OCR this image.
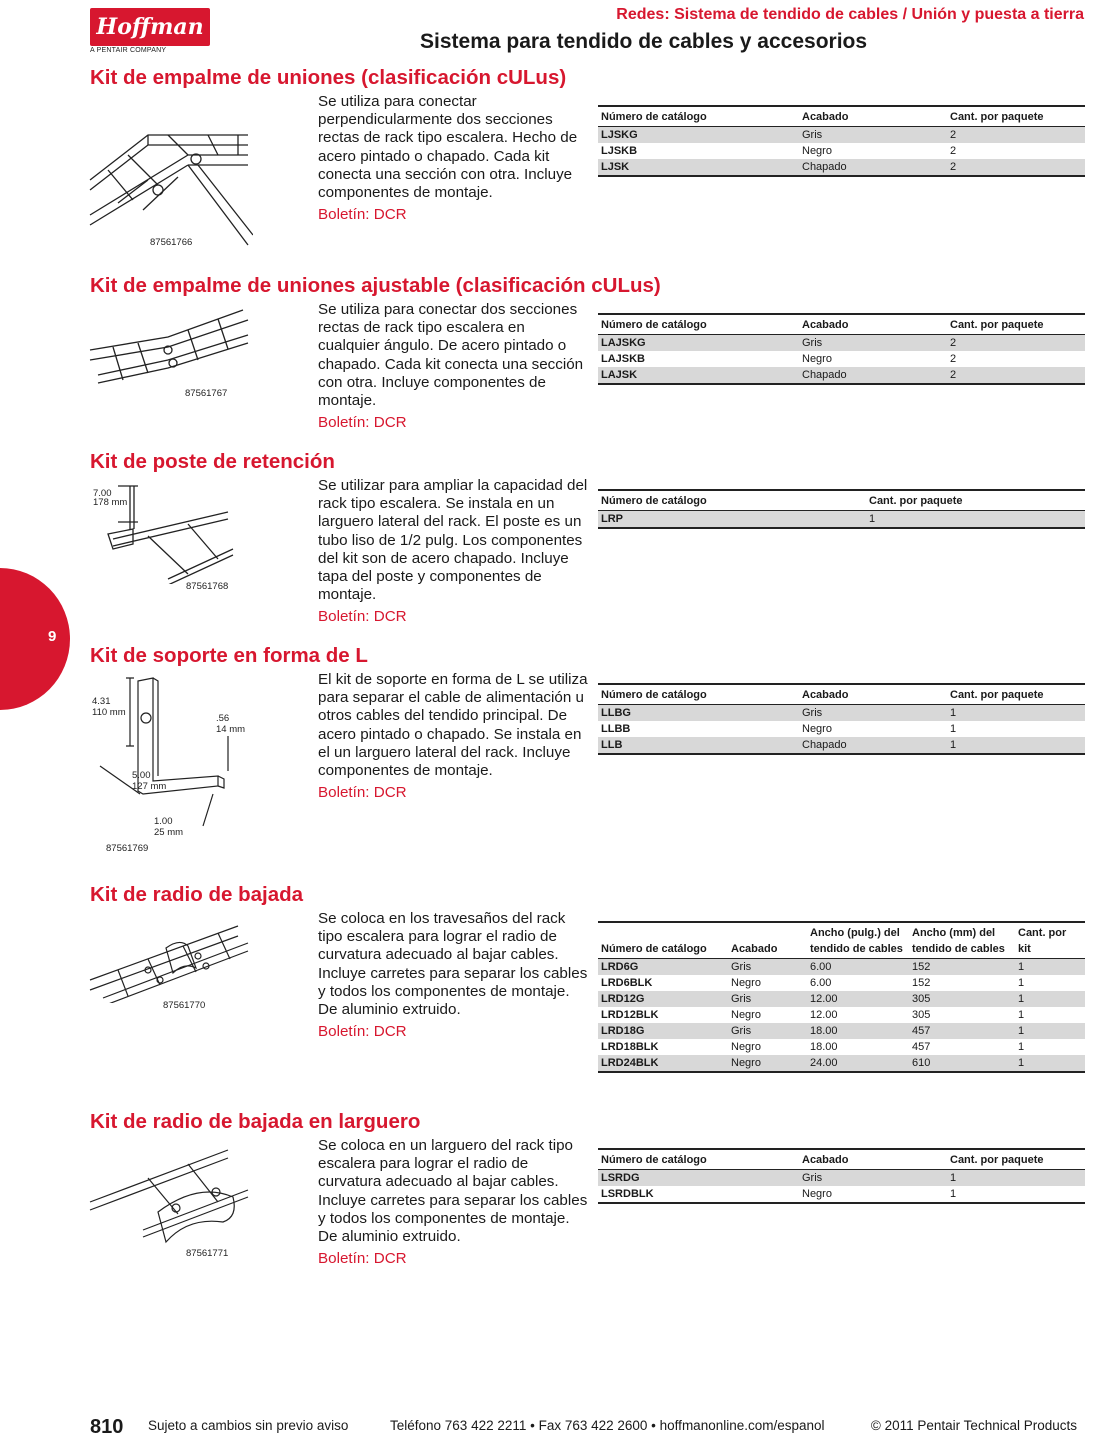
Hoffman
A PENTAIR COMPANY
Redes: Sistema de tendido de cables / Unión y puesta a tierra
Sistema para tendido de cables y accesorios
9
Kit de empalme de uniones (clasificación cULus)
87561766
Se utiliza para conectar perpendicularmente dos secciones rectas de rack tipo escalera. Hecho de acero pintado o chapado. Cada kit conecta una sección con otra. Incluye componentes de montaje.
Boletín: DCR
Número de catálogo	Acabado	Cant. por paquete
LJSKG	Gris	2
LJSKB	Negro	2
LJSK	Chapado	2
Kit de empalme de uniones ajustable (clasificación cULus)
87561767
Se utiliza para conectar dos secciones rectas de rack tipo escalera en cualquier ángulo. De acero pintado o chapado. Cada kit conecta una sección con otra. Incluye componentes de montaje.
Boletín: DCR
Número de catálogo	Acabado	Cant. por paquete
LAJSKG	Gris	2
LAJSKB	Negro	2
LAJSK	Chapado	2
Kit de poste de retención
7.00
178 mm
87561768
Se utilizar para ampliar la capacidad del rack tipo escalera. Se instala en un larguero lateral del rack. El poste es un tubo liso de 1/2 pulg. Los componentes del kit son de acero chapado. Incluye tapa del poste y componentes de montaje.
Boletín: DCR
Número de catálogo	Cant. por paquete
LRP	1
Kit de soporte en forma de L
4.31
110 mm
.56
14 mm
5.00
127 mm
1.00
25 mm
87561769
El kit de soporte en forma de L se utiliza para separar el cable de alimentación u otros cables del tendido principal. De acero pintado o chapado. Se instala en el un larguero lateral del rack. Incluye componentes de montaje.
Boletín: DCR
Número de catálogo	Acabado	Cant. por paquete
LLBG	Gris	1
LLBB	Negro	1
LLB	Chapado	1
Kit de radio de bajada
87561770
Se coloca en los travesaños del rack tipo escalera para lograr el radio de curvatura adecuado al bajar cables. Incluye carretes para separar los cables y todos los componentes de montaje. De aluminio extruido.
Boletín: DCR
Número de catálogo	Acabado	Ancho (pulg.) del tendido de cables	Ancho (mm) del tendido de cables	Cant. por kit
LRD6G	Gris	6.00	152	1
LRD6BLK	Negro	6.00	152	1
LRD12G	Gris	12.00	305	1
LRD12BLK	Negro	12.00	305	1
LRD18G	Gris	18.00	457	1
LRD18BLK	Negro	18.00	457	1
LRD24BLK	Negro	24.00	610	1
Kit de radio de bajada en larguero
87561771
Se coloca en un larguero del rack tipo escalera para lograr el radio de curvatura adecuado al bajar cables. Incluye carretes para separar los cables y todos los componentes de montaje. De aluminio extruido.
Boletín: DCR
Número de catálogo	Acabado	Cant. por paquete
LSRDG	Gris	1
LSRDBLK	Negro	1
810 Sujeto a cambios sin previo aviso	Teléfono 763 422 2211 • Fax 763 422 2600 • hoffmanonline.com/espanol	© 2011 Pentair Technical Products
